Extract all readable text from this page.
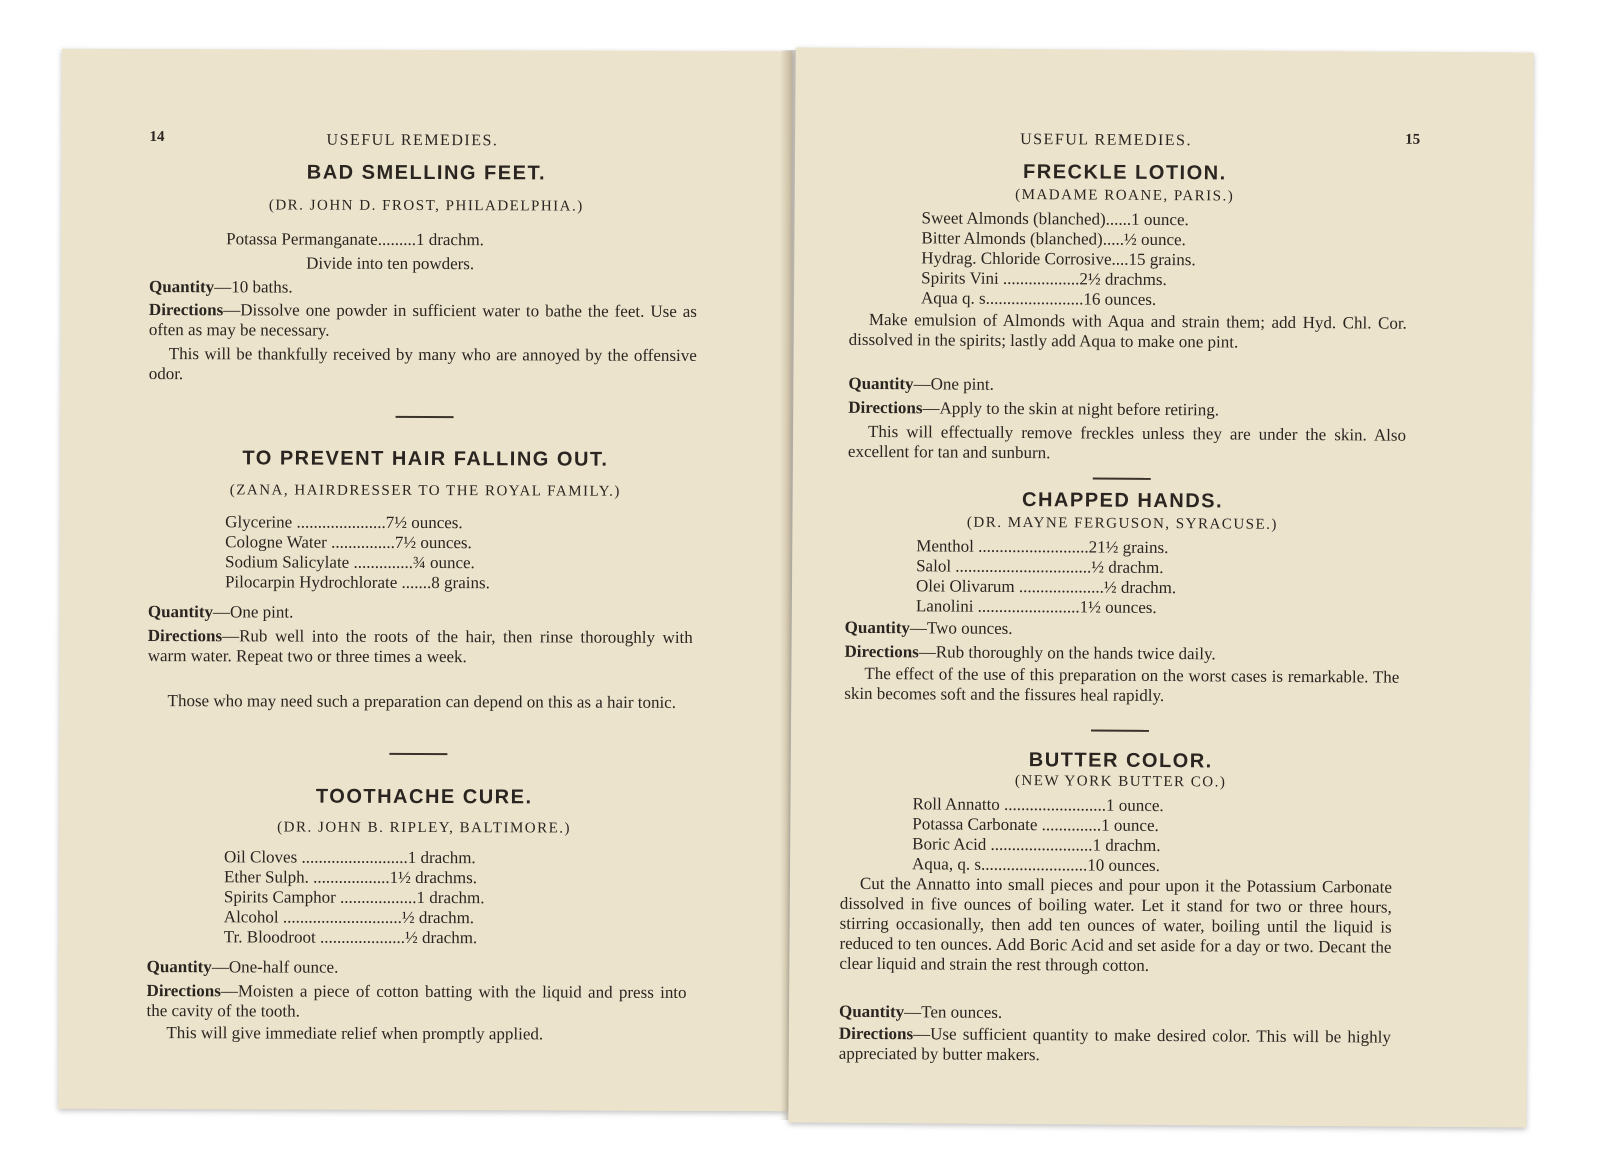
14	USEFUL REMEDIES.
BAD SMELLING FEET.
(DR. JOHN D. FROST, PHILADELPHIA.)
Potassa Permanganate.........1 drachm.
Divide into ten powders.
Quantity—10 baths.
Directions—Dissolve one powder in sufficient water to bathe the feet. Use as often as may be necessary.
This will be thankfully received by many who are annoyed by the offensive odor.
TO PREVENT HAIR FALLING OUT.
(ZANA, HAIRDRESSER TO THE ROYAL FAMILY.)
Glycerine .....................7½ ounces.
Cologne Water ...............7½ ounces.
Sodium Salicylate ..............¾ ounce.
Pilocarpin Hydrochlorate .......8 grains.
Quantity—One pint.
Directions—Rub well into the roots of the hair, then rinse thoroughly with warm water. Repeat two or three times a week.
Those who may need such a preparation can depend on this as a hair tonic.
TOOTHACHE CURE.
(DR. JOHN B. RIPLEY, BALTIMORE.)
Oil Cloves .........................1 drachm.
Ether Sulph. ..................1½ drachms.
Spirits Camphor ..................1 drachm.
Alcohol ............................½ drachm.
Tr. Bloodroot ....................½ drachm.
Quantity—One-half ounce.
Directions—Moisten a piece of cotton batting with the liquid and press into the cavity of the tooth.
This will give immediate relief when promptly applied.
USEFUL REMEDIES.	15
FRECKLE LOTION.
(MADAME ROANE, PARIS.)
Sweet Almonds (blanched)......1 ounce.
Bitter Almonds (blanched).....½ ounce.
Hydrag. Chloride Corrosive....15 grains.
Spirits Vini ..................2½ drachms.
Aqua q. s.......................16 ounces.
Make emulsion of Almonds with Aqua and strain them; add Hyd. Chl. Cor. dissolved in the spirits; lastly add Aqua to make one pint.
Quantity—One pint.
Directions—Apply to the skin at night before retiring.
This will effectually remove freckles unless they are under the skin. Also excellent for tan and sunburn.
CHAPPED HANDS.
(DR. MAYNE FERGUSON, SYRACUSE.)
Menthol ..........................21½ grains.
Salol ................................½ drachm.
Olei Olivarum ....................½ drachm.
Lanolini ........................1½ ounces.
Quantity—Two ounces.
Directions—Rub thoroughly on the hands twice daily.
The effect of the use of this preparation on the worst cases is remarkable. The skin becomes soft and the fissures heal rapidly.
BUTTER COLOR.
(NEW YORK BUTTER CO.)
Roll Annatto ........................1 ounce.
Potassa Carbonate ..............1 ounce.
Boric Acid ........................1 drachm.
Aqua, q. s.........................10 ounces.
Cut the Annatto into small pieces and pour upon it the Potassium Carbonate dissolved in five ounces of boiling water. Let it stand for two or three hours, stirring occasionally, then add ten ounces of water, boiling until the liquid is reduced to ten ounces. Add Boric Acid and set aside for a day or two. Decant the clear liquid and strain the rest through cotton.
Quantity—Ten ounces.
Directions—Use sufficient quantity to make desired color. This will be highly appreciated by butter makers.
